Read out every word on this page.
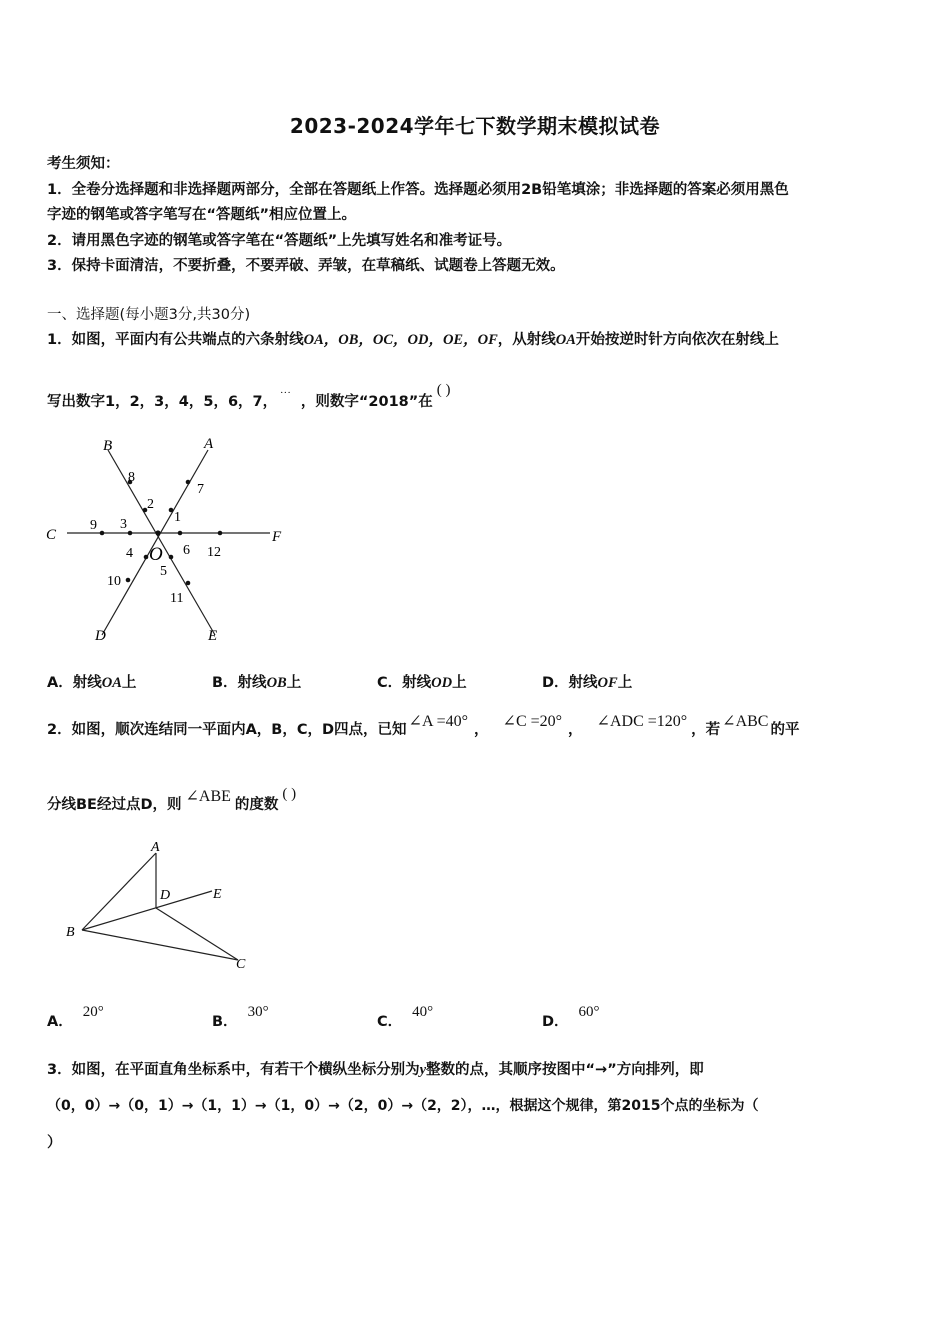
2023-2024学年七下数学期末模拟试卷
考生须知：
1．全卷分选择题和非选择题两部分，全部在答题纸上作答。选择题必须用2B铅笔填涂；非选择题的答案必须用黑色
字迹的钢笔或答字笔写在“答题纸”相应位置上。
2．请用黑色字迹的钢笔或答字笔在“答题纸”上先填写姓名和准考证号。
3．保持卡面清洁，不要折叠，不要弄破、弄皱，在草稿纸、试题卷上答题无效。
一、选择题(每小题3分,共30分)
1．如图，平面内有公共端点的六条射线OA，OB，OC，OD，OE，OF，从射线OA开始按逆时针方向依次在射线上
写出数字1，2，3，4，5，6，7，···，则数字“2018”在( )
B	A
C	F
D	E
O
1
2
3
4
5
6
7
8
9
10
11
12
A．射线OA上	B．射线OB上	C．射线OD上	D．射线OF上
2．如图，顺次连结同一平面内A，B，C，D四点，已知 ∠A =40° ， ∠C =20° ， ∠ADC =120° ，若 ∠ABC 的平
分线BE经过点D，则 ∠ABE 的度数( )
A
D	E
B
C
A．20°
B．30°
C．40°
D．60°
3．如图，在平面直角坐标系中，有若干个横纵坐标分别为y整数的点，其顺序按图中“→”方向排列，即
（0，0）→（0，1）→（1，1）→（1，0）→（2，0）→（2，2），…，根据这个规律，第2015个点的坐标为（
）
